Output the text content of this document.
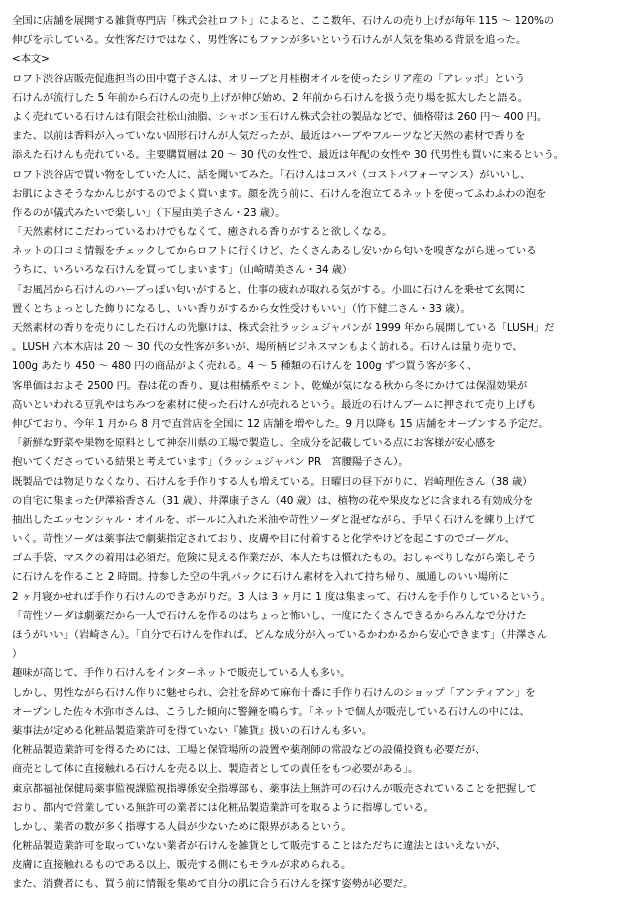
全国に店舗を展開する雑貨専門店「株式会社ロフト」によると、ここ数年、石けんの売り上げが毎年 115 ～ 120%の
伸びを示している。女性客だけではなく、男性客にもファンが多いという石けんが人気を集める背景を追った。
<本文>
ロフト渋谷店販売促進担当の田中寛子さんは、オリーブと月桂樹オイルを使ったシリア産の「アレッポ」という
石けんが流行した 5 年前から石けんの売り上げが伸び始め、2 年前から石けんを扱う売り場を拡大したと語る。
よく売れている石けんは有限会社松山油脂、シャボン玉石けん株式会社の製品などで、価格帯は 260 円～ 400 円。
また、以前は香料が入っていない固形石けんが人気だったが、最近はハーブやフルーツなど天然の素材で香りを
添えた石けんも売れている。主要購買層は 20 ～ 30 代の女性で、最近は年配の女性や 30 代男性も買いに来るという。
ロフト渋谷店で買い物をしていた人に、話を聞いてみた。「石けんはコスパ（コストパフォーマンス）がいいし、
お肌によさそうなかんじがするのでよく買います。顔を洗う前に、石けんを泡立てるネットを使ってふわふわの泡を
作るのが儀式みたいで楽しい」（下屋由美子さん・23 歳）。
「天然素材にこだわっているわけでもなくて、癒される香りがすると欲しくなる。
ネットの口コミ情報をチェックしてからロフトに行くけど、たくさんあるし安いから匂いを嗅ぎながら迷っている
うちに、いろいろな石けんを買ってしまいます」（山崎晴美さん・34 歳）
「お風呂から石けんのハーブっぽい匂いがすると、仕事の疲れが取れる気がする。小皿に石けんを乗せて玄関に
置くとちょっとした飾りになるし、いい香りがするから女性受けもいい」（竹下健二さん・33 歳）。
天然素材の香りを売りにした石けんの先駆けは、株式会社ラッシュジャパンが 1999 年から展開している「LUSH」だ
。LUSH 六本木店は 20 ～ 30 代の女性客が多いが、場所柄ビジネスマンもよく訪れる。石けんは量り売りで、
100g あたり 450 ～ 480 円の商品がよく売れる。4 ～ 5 種類の石けんを 100g ずつ買う客が多く、
客単価はおよそ 2500 円。春は花の香り、夏は柑橘系やミント、乾燥が気になる秋から冬にかけては保湿効果が
高いといわれる豆乳やはちみつを素材に使った石けんが売れるという。最近の石けんブームに押されて売り上げも
伸びており、今年 1 月から 8 月で直営店を全国に 12 店舗を増やした。9 月以降も 15 店舗をオープンする予定だ。
「新鮮な野菜や果物を原料として神奈川県の工場で製造し、全成分を記載している点にお客様が安心感を
抱いてくださっている結果と考えています」（ラッシュジャパン PR　宮腰陽子さん）。
既製品では物足りなくなり、石けんを手作りする人も増えている。日曜日の昼下がりに、岩崎理佐さん（38 歳）
の自宅に集まった伊澤裕香さん（31 歳）、井澤康子さん（40 歳）は、植物の花や果皮などに含まれる有効成分を
抽出したエッセンシャル・オイルを、ボールに入れた米油や苛性ソーダと混ぜながら、手早く石けんを練り上げて
いく。苛性ソーダは薬事法で劇薬指定されており、皮膚や目に付着すると化学やけどを起こすのでゴーグル、
ゴム手袋、マスクの着用は必須だ。危険に見える作業だが、本人たちは慣れたもの。おしゃべりしながら楽しそう
に石けんを作ること 2 時間。持参した空の牛乳パックに石けん素材を入れて持ち帰り、風通しのいい場所に
2 ヶ月寝かせれば手作り石けんのできあがりだ。3 人は 3 ヶ月に 1 度は集まって、石けんを手作りしているという。
「苛性ソーダは劇薬だから一人で石けんを作るのはちょっと怖いし、一度にたくさんできるからみんなで分けた
ほうがいい」（岩崎さん）。「自分で石けんを作れば、どんな成分が入っているかわかるから安心できます」（井澤さん
）
趣味が高じて、手作り石けんをインターネットで販売している人も多い。
しかし、男性ながら石けん作りに魅せられ、会社を辞めて麻布十番に手作り石けんのショップ「アンティアン」を
オープンした佐々木弥市さんは、こうした傾向に警鐘を鳴らす。「ネットで個人が販売している石けんの中には、
薬事法が定める化粧品製造業許可を得ていない『雑貨』扱いの石けんも多い。
化粧品製造業許可を得るためには、工場と保管場所の設置や薬剤師の常設などの設備投資も必要だが、
商売として体に直接触れる石けんを売る以上、製造者としての責任をもつ必要がある」。
東京都福祉保健局薬事監視課監視指導係安全指導部も、薬事法上無許可の石けんが販売されていることを把握して
おり、都内で営業している無許可の業者には化粧品製造業許可を取るように指導している。
しかし、業者の数が多く指導する人員が少ないために限界があるという。
化粧品製造業許可を取っていない業者が石けんを雑貨として販売することはただちに違法とはいえないが、
皮膚に直接触れるものである以上、販売する側にもモラルが求められる。
また、消費者にも、買う前に情報を集めて自分の肌に合う石けんを探す姿勢が必要だ。
